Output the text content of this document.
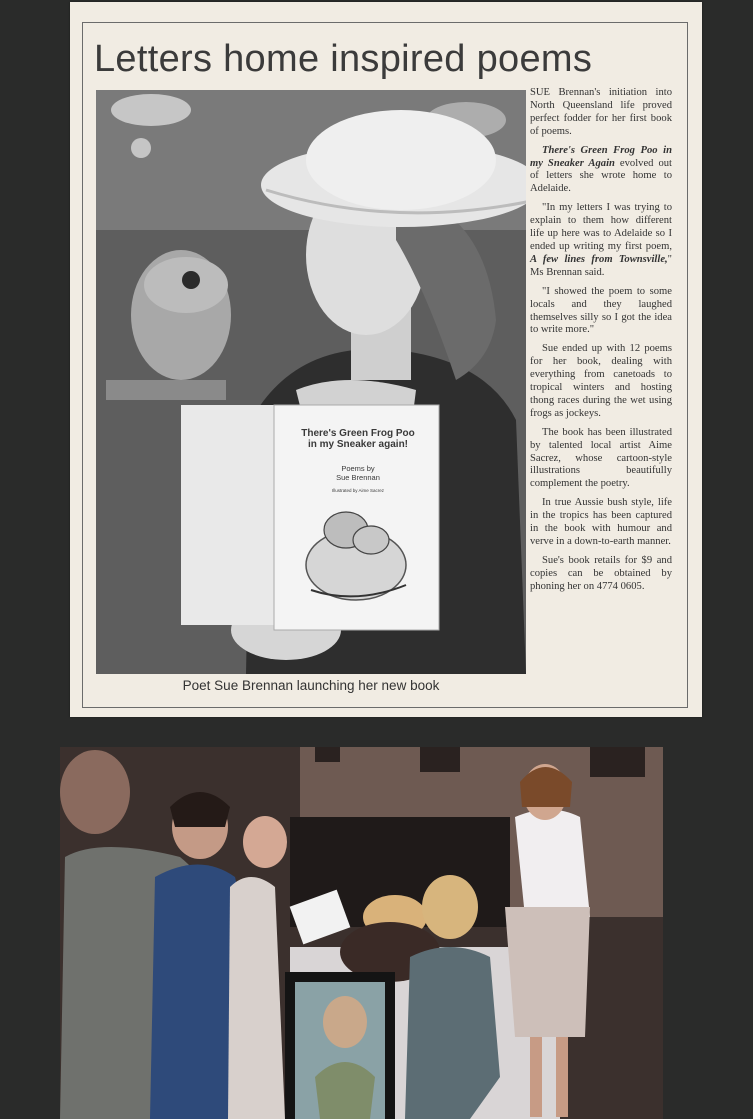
Letters home inspired poems
There's Green Frog Poo
in my Sneaker again!
Poems by
Sue Brennan
Illustrated by Aime Sacrez
Poet Sue Brennan launching her new book

SUE Brennan's initiation into North Queensland life proved perfect fodder for her first book of poems.

There's Green Frog Poo in my Sneaker Again evolved out of letters she wrote home to Adelaide.

"In my letters I was trying to explain to them how different life up here was to Adelaide so I ended up writing my first poem, A few lines from Townsville," Ms Brennan said.

"I showed the poem to some locals and they laughed themselves silly so I got the idea to write more."

Sue ended up with 12 poems for her book, dealing with everything from canetoads to tropical winters and hosting thong races during the wet using frogs as jockeys.

The book has been illustrated by talented local artist Aime Sacrez, whose cartoon-style illustrations beautifully complement the poetry.

In true Aussie bush style, life in the tropics has been captured in the book with humour and verve in a down-to-earth manner.

Sue's book retails for $9 and copies can be obtained by phoning her on 4774 0605.
